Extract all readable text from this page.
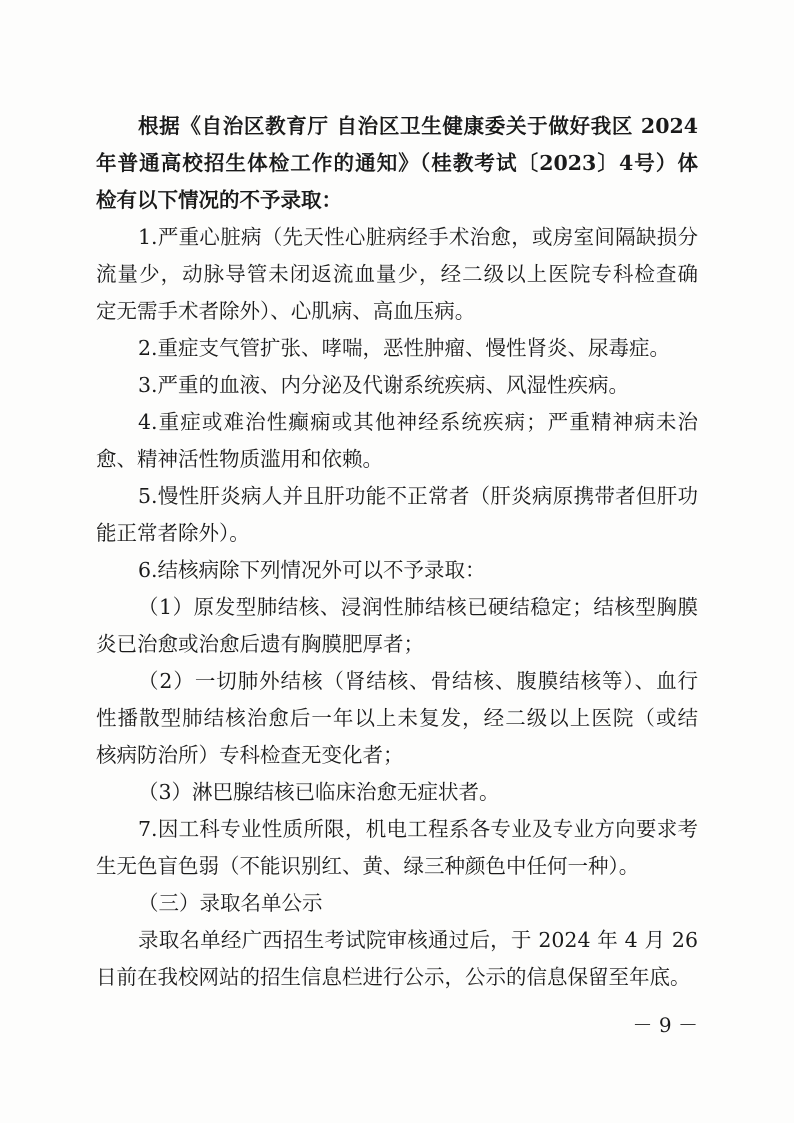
根据《自治区教育厅 自治区卫生健康委关于做好我区 2024
年普通高校招生体检工作的通知》（桂教考试〔2023〕4号）体
检有以下情况的不予录取：
1.严重心脏病（先天性心脏病经手术治愈，或房室间隔缺损分
流量少，动脉导管未闭返流血量少，经二级以上医院专科检查确
定无需手术者除外）、心肌病、高血压病。
2.重症支气管扩张、哮喘，恶性肿瘤、慢性肾炎、尿毒症。
3.严重的血液、内分泌及代谢系统疾病、风湿性疾病。
4.重症或难治性癫痫或其他神经系统疾病；严重精神病未治
愈、精神活性物质滥用和依赖。
5.慢性肝炎病人并且肝功能不正常者（肝炎病原携带者但肝功
能正常者除外）。
6.结核病除下列情况外可以不予录取：
（1）原发型肺结核、浸润性肺结核已硬结稳定；结核型胸膜
炎已治愈或治愈后遗有胸膜肥厚者；
（2）一切肺外结核（肾结核、骨结核、腹膜结核等）、血行
性播散型肺结核治愈后一年以上未复发，经二级以上医院（或结
核病防治所）专科检查无变化者；
（3）淋巴腺结核已临床治愈无症状者。
7.因工科专业性质所限，机电工程系各专业及专业方向要求考
生无色盲色弱（不能识别红、黄、绿三种颜色中任何一种）。
（三）录取名单公示
录取名单经广西招生考试院审核通过后，于 2024 年 4 月 26
日前在我校网站的招生信息栏进行公示，公示的信息保留至年底。
－ 9 －
